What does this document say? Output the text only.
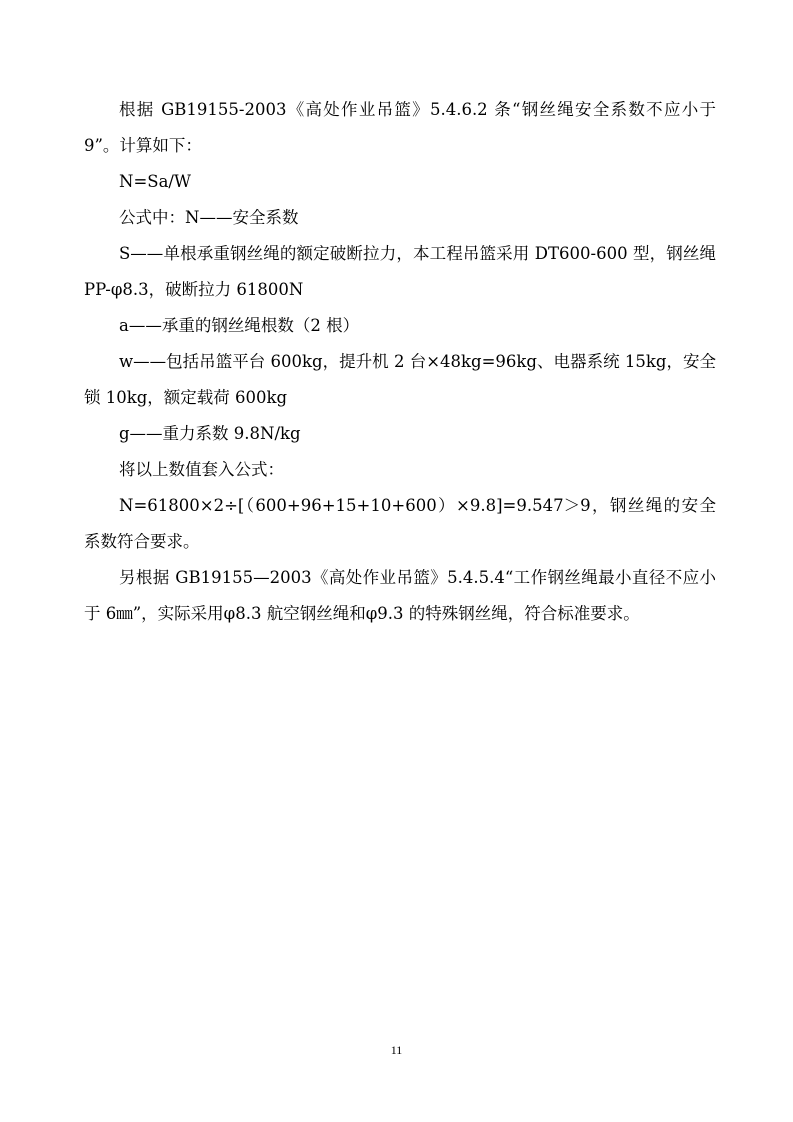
根据 GB19155-2003《高处作业吊篮》5.4.6.2 条“钢丝绳安全系数不应小于 9”。计算如下：

N=Sa/W

公式中：N——安全系数

S——单根承重钢丝绳的额定破断拉力，本工程吊篮采用 DT600-600 型，钢丝绳 PP-φ8.3，破断拉力 61800N

a——承重的钢丝绳根数（2 根）

w——包括吊篮平台 600kg，提升机 2 台×48kg=96kg、电器系统 15kg，安全锁 10kg，额定载荷 600kg

g——重力系数 9.8N/kg

将以上数值套入公式：

N=61800×2÷[（600+96+15+10+600）×9.8]=9.547＞9，钢丝绳的安全系数符合要求。

另根据 GB19155—2003《高处作业吊篮》5.4.5.4“工作钢丝绳最小直径不应小于 6㎜”，实际采用φ8.3 航空钢丝绳和φ9.3 的特殊钢丝绳，符合标准要求。

11
